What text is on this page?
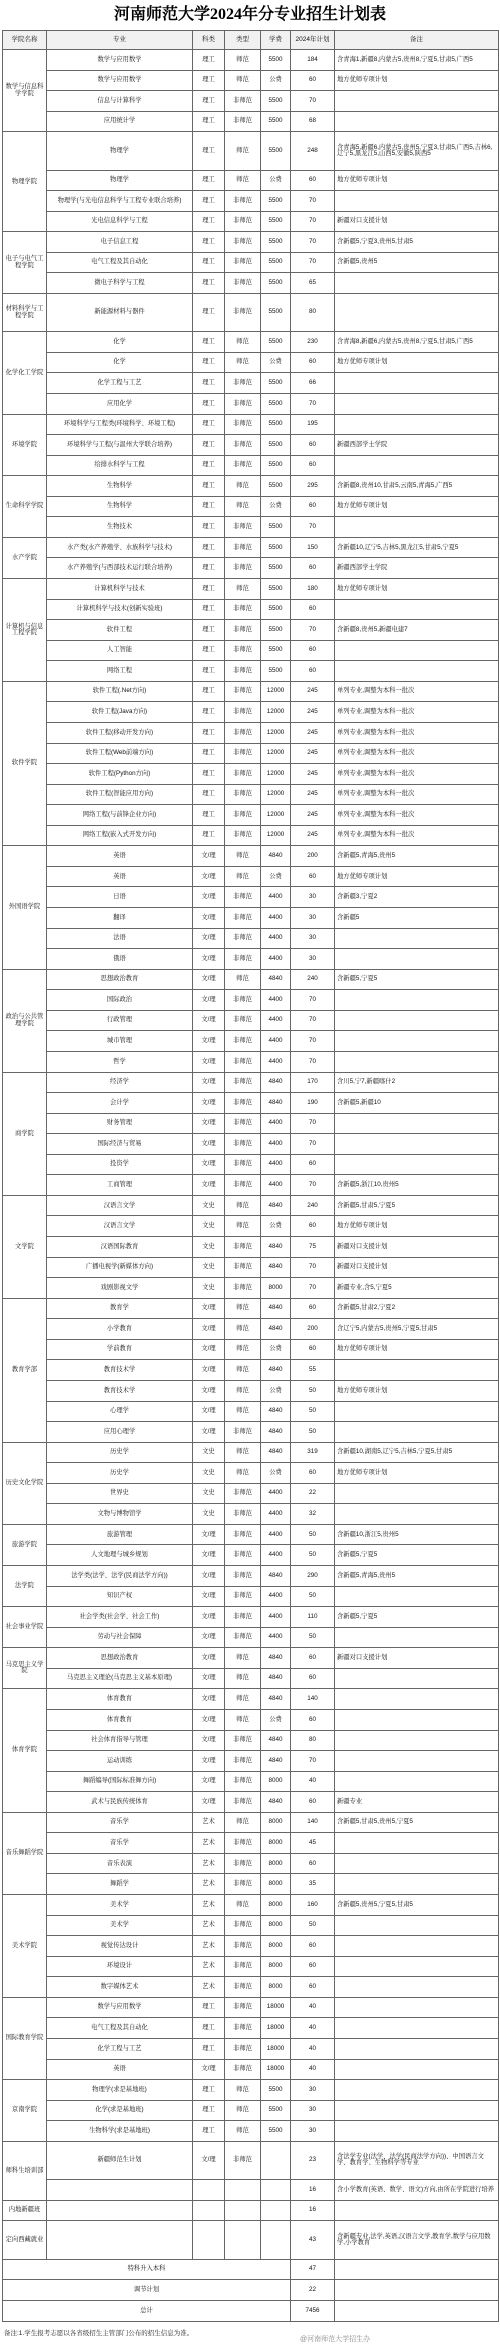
河南师范大学2024年分专业招生计划表
学院名称	专业	科类	类型	学费	2024年计划	备注
数学与信息科学学院	数学与应用数学	理工	师范	5500	184	含青海1,新疆8,内蒙古5,贵州8,宁夏5,甘肃5,广西5
	数学与应用数学	理工	师范	公费	60	地方优师专项计划
	信息与计算科学	理工	非师范	5500	70	
	应用统计学	理工	非师范	5500	68	
物理学院	物理学	理工	师范	5500	248	含青海5,新疆6,内蒙古5,贵州5,宁夏3,甘肃5,广西5,吉林6,辽宁5,黑龙江5,山西5,安徽5,陕西5
	物理学	理工	师范	公费	60	地方优师专项计划
	物理学(与光电信息科学与工程专业联合培养)	理工	非师范	5500	70	
	光电信息科学与工程	理工	非师范	5500	70	新疆对口支援计划
电子与电气工程学院	电子信息工程	理工	非师范	5500	70	含新疆5,宁夏3,贵州5,甘肃5
	电气工程及其自动化	理工	非师范	5500	70	含新疆5,贵州5
	微电子科学与工程	理工	非师范	5500	65	
材料科学与工程学院	新能源材料与器件	理工	非师范	5500	80	
化学化工学院	化学	理工	师范	5500	230	含青海8,新疆6,内蒙古5,贵州8,宁夏5,甘肃5,广西5
	化学	理工	师范	公费	60	地方优师专项计划
	化学工程与工艺	理工	非师范	5500	66	
	应用化学	理工	非师范	5500	70	
环境学院	环境科学与工程类(环境科学、环境工程)	理工	非师范	5500	195	
	环境科学与工程(与温州大学联合培养)	理工	非师范	5500	60	新疆西部学士学院
	给排水科学与工程	理工	非师范	5500	60	
生命科学学院	生物科学	理工	师范	5500	295	含新疆8,贵州10,甘肃5,云南5,青海5,广西5
	生物科学	理工	师范	公费	60	地方优师专项计划
	生物技术	理工	非师范	5500	70	
水产学院	水产类(水产养殖学、水族科学与技术)	理工	非师范	5500	150	含新疆10,辽宁5,吉林5,黑龙江5,甘肃5,宁夏5
	水产养殖学(与西部技术运行联合培养)	理工	非师范	5500	60	新疆西部学士学院
计算机与信息工程学院	计算机科学与技术	理工	师范	5500	180	地方优师专项计划
	计算机科学与技术(创新实验班)	理工	非师范	5500	60	
	软件工程	理工	非师范	5500	70	含新疆8,贵州5,新疆电建7
	人工智能	理工	非师范	5500	60	
	网络工程	理工	非师范	5500	60	
软件学院	软件工程(.Net方向)	理工	非师范	12000	245	单列专业,调整为本科一批次
	软件工程(Java方向)	理工	非师范	12000	245	单列专业,调整为本科一批次
	软件工程(移动开发方向)	理工	非师范	12000	245	单列专业,调整为本科一批次
	软件工程(Web前端方向)	理工	非师范	12000	245	单列专业,调整为本科一批次
	软件工程(Python方向)	理工	非师范	12000	245	单列专业,调整为本科一批次
	软件工程(智能应用方向)	理工	非师范	12000	245	单列专业,调整为本科一批次
	网络工程(与前锋企业方向)	理工	非师范	12000	245	单列专业,调整为本科一批次
	网络工程(嵌入式开发方向)	理工	非师范	12000	245	单列专业,调整为本科一批次
外国语学院	英语	文/理	师范	4840	200	含新疆5,青海5,贵州5
	英语	文/理	师范	公费	60	地方优师专项计划
	日语	文/理	非师范	4400	30	含新疆3,宁夏2
	翻译	文/理	非师范	4400	30	含新疆5
	法语	文/理	非师范	4400	30	
	俄语	文/理	非师范	4400	30	
政治与公共管理学院	思想政治教育	文/理	师范	4840	240	含新疆5,宁夏5
	国际政治	文/理	非师范	4400	70	
	行政管理	文/理	非师范	4400	70	
	城市管理	文/理	非师范	4400	70	
	哲学	文/理	非师范	4400	70	
商学院	经济学	文/理	非师范	4840	170	含川5,宁7,新疆喀什2
	会计学	文/理	非师范	4840	190	含新疆5,新疆10
	财务管理	文/理	非师范	4400	70	
	国际经济与贸易	文/理	非师范	4400	70	
	投资学	文/理	非师范	4400	60	
	工商管理	文/理	非师范	4400	70	含新疆5,浙江10,贵州5
文学院	汉语言文学	文史	师范	4840	240	含新疆5,甘肃5,宁夏5
	汉语言文学	文史	师范	公费	60	地方优师专项计划
	汉语国际教育	文史	非师范	4840	75	新疆对口支援计划
	广播电视学(新媒体方向)	文史	非师范	4840	70	新疆对口支援计划
	戏剧影视文学	文史	非师范	8000	70	新疆专业,含5,宁夏5
教育学部	教育学	文/理	师范	4840	60	含新疆5,甘肃2,宁夏2
	小学教育	文/理	师范	4840	200	含辽宁5,内蒙古5,贵州5,宁夏5,甘肃5
	学前教育	文/理	师范	公费	60	地方优师专项计划
	教育技术学	文/理	师范	4840	55	
	教育技术学	文/理	师范	公费	50	地方优师专项计划
	心理学	文/理	师范	4840	50	
	应用心理学	文/理	非师范	4840	50	
历史文化学院	历史学	文史	师范	4840	319	含新疆10,湖南5,辽宁5,吉林5,宁夏5,甘肃5
	历史学	文史	师范	公费	60	地方优师专项计划
	世界史	文史	非师范	4400	22	
	文物与博物馆学	文史	非师范	4400	32	
旅游学院	旅游管理	文/理	非师范	4400	50	含新疆10,浙江5,贵州5
	人文地理与城乡规划	文/理	非师范	4400	50	含新疆5,宁夏5
法学院	法学类(法学、法学(民商法学方向))	文/理	非师范	4840	290	含新疆5,青海5,贵州5
	知识产权	文/理	非师范	4400	50	
社会事业学院	社会学类(社会学、社会工作)	文/理	非师范	4400	110	含新疆5,宁夏5
	劳动与社会保障	文/理	非师范	4400	50	
马克思主义学院	思想政治教育	文/理	师范	4840	60	新疆对口支援计划
	马克思主义理论(马克思主义基本原理)	文/理	师范	4840	60	
体育学院	体育教育	文/理	师范	4840	140	
	体育教育	文/理	师范	公费	60	
	社会体育指导与管理	文/理	非师范	4840	80	
	运动训练	文/理	非师范	4840	70	
	舞蹈编导(国际标准舞方向)	文/理	非师范	8000	40	
	武术与民族传统体育	文/理	非师范	4840	60	新疆专业
音乐舞蹈学院	音乐学	艺术	师范	8000	140	含新疆5,甘肃5,贵州5,宁夏5
	音乐学	艺术	非师范	8000	45	
	音乐表演	艺术	非师范	8000	60	
	舞蹈学	艺术	非师范	8000	35	
美术学院	美术学	艺术	师范	8000	160	含新疆5,贵州5,宁夏5,甘肃5
	美术学	艺术	非师范	8000	50	
	视觉传达设计	艺术	非师范	8000	60	
	环境设计	艺术	非师范	8000	60	
	数字媒体艺术	艺术	非师范	8000	60	
国际教育学院	数学与应用数学	理工	非师范	18000	40	
	电气工程及其自动化	理工	非师范	18000	40	
	化学工程与工艺	理工	非师范	18000	40	
	英语	文/理	非师范	18000	40	
京南学院	物理学(求是基地班)	理工	师范	5500	30	
	化学(求是基地班)	理工	师范	5500	30	
	生物科学(求是基地班)	理工	师范	5500	30	
师科生培训部	新疆师范生计划	文/理	非师范		23	含法学专业(法学、法学(民商法学方向))、中国语言文学、教育学、生物科学等专业
					16	含小学教育(英语、数学、语文)方向,由所在学院进行培养
内地新疆班					16	
定向西藏就业					43	含新疆专业,法学,英语,汉语言文学,教育学,数学与应用数学,小学教育
特科升入本科					47	
调节计划					22	
总计					7456	
备注:1.学生报考志愿以各省级招生主管部门公布的招生信息为准。
@河南师范大学招生办
